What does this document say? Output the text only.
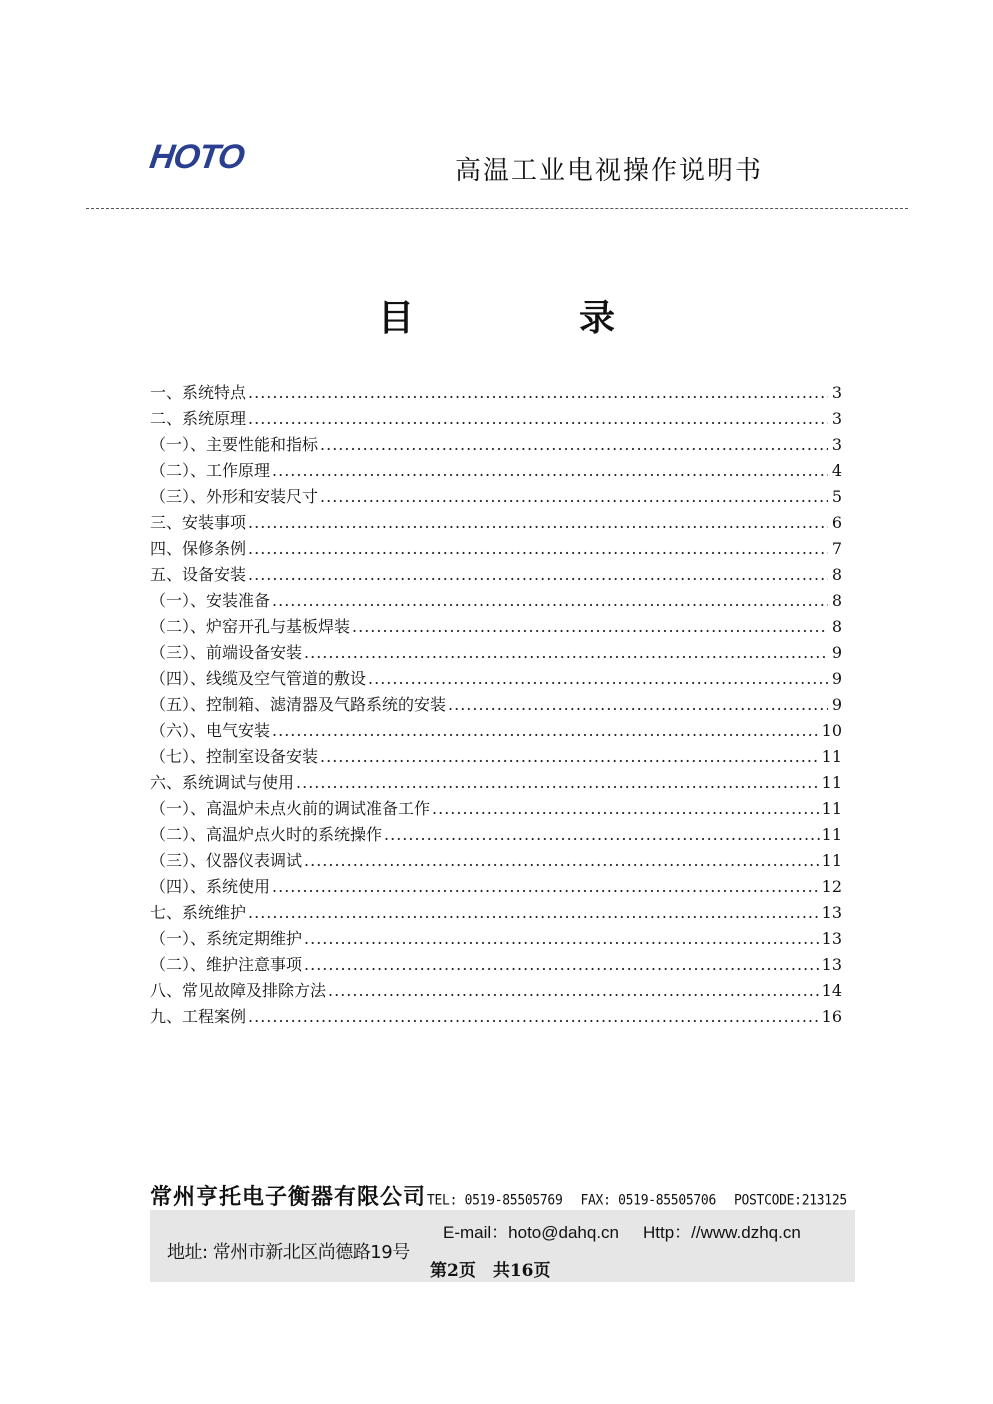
HOTO	高温工业电视操作说明书
目	录
一、系统特点 .....	3
二、系统原理 .....	3
（一）、主要性能和指标 .....	3
（二）、工作原理 .....	4
（三）、外形和安装尺寸 .....	5
三、安装事项 .....	6
四、保修条例 .....	7
五、设备安装 .....	8
（一）、安装准备 .....	8
（二）、炉窑开孔与基板焊装 .....	8
（三）、前端设备安装 .....	9
（四）、线缆及空气管道的敷设 .....	9
（五）、控制箱、滤清器及气路系统的安装 .....	9
（六）、电气安装 .....	10
（七）、控制室设备安装 .....	11
六、系统调试与使用 .....	11
（一）、高温炉未点火前的调试准备工作 .....	11
（二）、高温炉点火时的系统操作 .....	11
（三）、仪器仪表调试 .....	11
（四）、系统使用 .....	12
七、系统维护 .....	13
（一）、系统定期维护 .....	13
（二）、维护注意事项 .....	13
八、常见故障及排除方法 .....	14
九、工程案例 .....	16
常州亨托电子衡器有限公司 TEL: 0519-85505769 FAX: 0519-85505706 POSTCODE:213125
地址: 常州市新北区尚德路19号
E-mail：hoto@dahq.cn Http：//www.dzhq.cn
第2页　共16页
